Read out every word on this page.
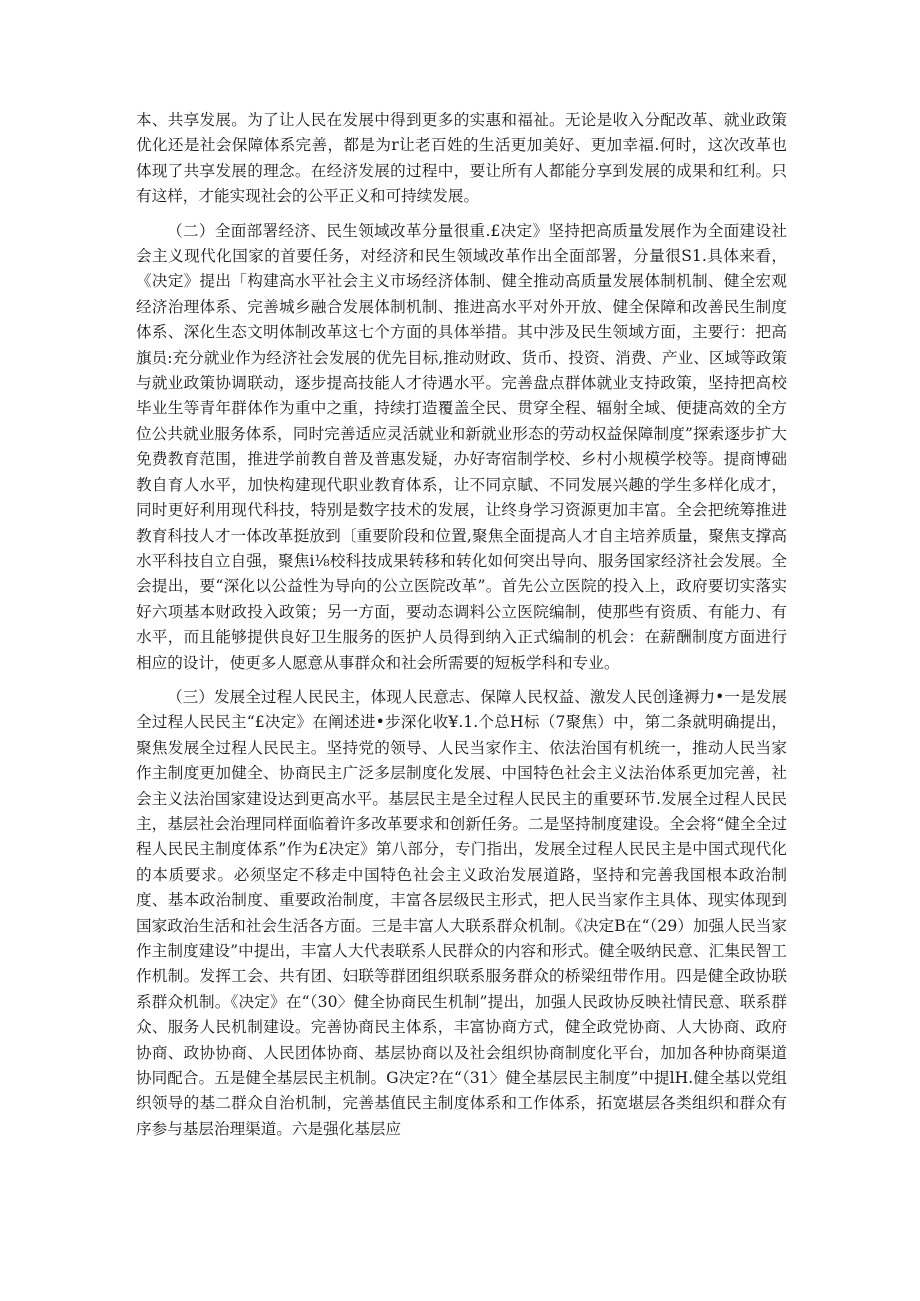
本、共享发展。为了让人民在发展中得到更多的实惠和福祉。无论是收入分配改革、就业政策优化还是社会保障体系完善，都是为r让老百姓的生活更加美好、更加幸福.何时，这次改革也体现了共享发展的理念。在经济发展的过程中，要让所有人都能分享到发展的成果和红利。只有这样，才能实现社会的公平正义和可持续发展。

（二）全面部署经济、民生领域改革分量很重.£决定》坚持把高质量发展作为全面建设社会主义现代化国家的首要任务，对经济和民生领域改革作出全面部署，分量很S1.具体来看，《决定》提出「构建高水平社会主义市场经济体制、健全推动高质量发展体制机制、健全宏观经济治理体系、完善城乡融合发展体制机制、推进高水平对外开放、健全保障和改善民生制度体系、深化生态文明体制改革这七个方面的具体举措。其中涉及民生领域方面，主要行：把高旗员:充分就业作为经济社会发展的优先目标,推动财政、货币、投资、消费、产业、区域等政策与就业政策协调联动，逐步提高技能人才待遇水平。完善盘点群体就业支持政策，坚持把高校毕业生等青年群体作为重中之重，持续打造覆盖全民、贯穿全程、辐射全域、便捷高效的全方位公共就业服务体系，同时完善适应灵活就业和新就业形态的劳动权益保障制度”探索逐步扩大免费教育范围，推进学前教自普及普惠发疑，办好寄宿制学校、乡村小规模学校等。提商博础教自育人水平，加快构建现代职业教育体系，让不同京賦、不同发展兴趣的学生多样化成才，同时更好利用现代科技，特别是数字技术的发展，让终身学习资源更加丰富。全会把统筹推进教育科技人才一体改革挺放到〔重要阶段和位置,聚焦全面提高人才自主培养质量，聚焦支撑高水平科技自立自强，聚焦i⅛校科技成果转移和转化如何突出导向、服务国家经济社会发展。全会提出，要“深化以公益性为导向的公立医院改革”。首先公立医院的投入上，政府要切实落实好六项基本财政投入政策；另一方面，要动态调料公立医院编制，使那些有资质、有能力、有水平，而且能够提供良好卫生服务的医护人员得到纳入正式编制的机会：在薪酬制度方面进行相应的设计，使更多人愿意从事群众和社会所需要的短板学科和专业。

（三）发展全过程人民民主，体现人民意志、保障人民权益、激发人民创逢褥力•一是发展全过程人民民主“£决定》在阐述进•步深化收¥.1.个总H标（7聚焦）中，第二条就明确提出，聚焦发展全过程人民民主。坚持党的领导、人民当家作主、依法治国有机统一，推动人民当家作主制度更加健全、协商民主广泛多层制度化发展、中国特色社会主义法治体系更加完善，社会主义法治国家建设达到更高水平。基层民主是全过程人民民主的重要环节.发展全过程人民民主，基层社会治理同样面临着许多改革要求和创新任务。二是坚持制度建设。全会将“健全全过程人民民主制度体系”作为£决定》第八部分，专门指出，发展全过程人民民主是中国式现代化的本质要求。必须坚定不移走中国特色社会主义政治发展道路，坚持和完善我国根本政治制度、基本政治制度、重要政治制度，丰富各层级民主形式，把人民当家作主具体、现实体现到国家政治生活和社会生活各方面。三是丰富人大联系群众机制。《决定B在“（29）加强人民当家作主制度建设”中提出，丰富人大代表联系人民群众的内容和形式。健全吸纳民意、汇集民智工作机制。发挥工会、共有团、妇联等群团组织联系服务群众的桥梁纽带作用。四是健全政协联系群众机制。《决定》在“（30〉健全协商民生机制”提出，加强人民政协反映社情民意、联系群众、服务人民机制建设。完善协商民主体系，丰富协商方式，健全政党协商、人大协商、政府协商、政协协商、人民团体协商、基层协商以及社会组织协商制度化平台，加加各种协商渠道协同配合。五是健全基层民主机制。G决定?在“（31〉健全基层民主制度”中提lH.健全基以党组织领导的基二群众自治机制，完善基值民主制度体系和工作体系，拓宽堪层各类组织和群众有序参与基层治理渠道。六是强化基层应
